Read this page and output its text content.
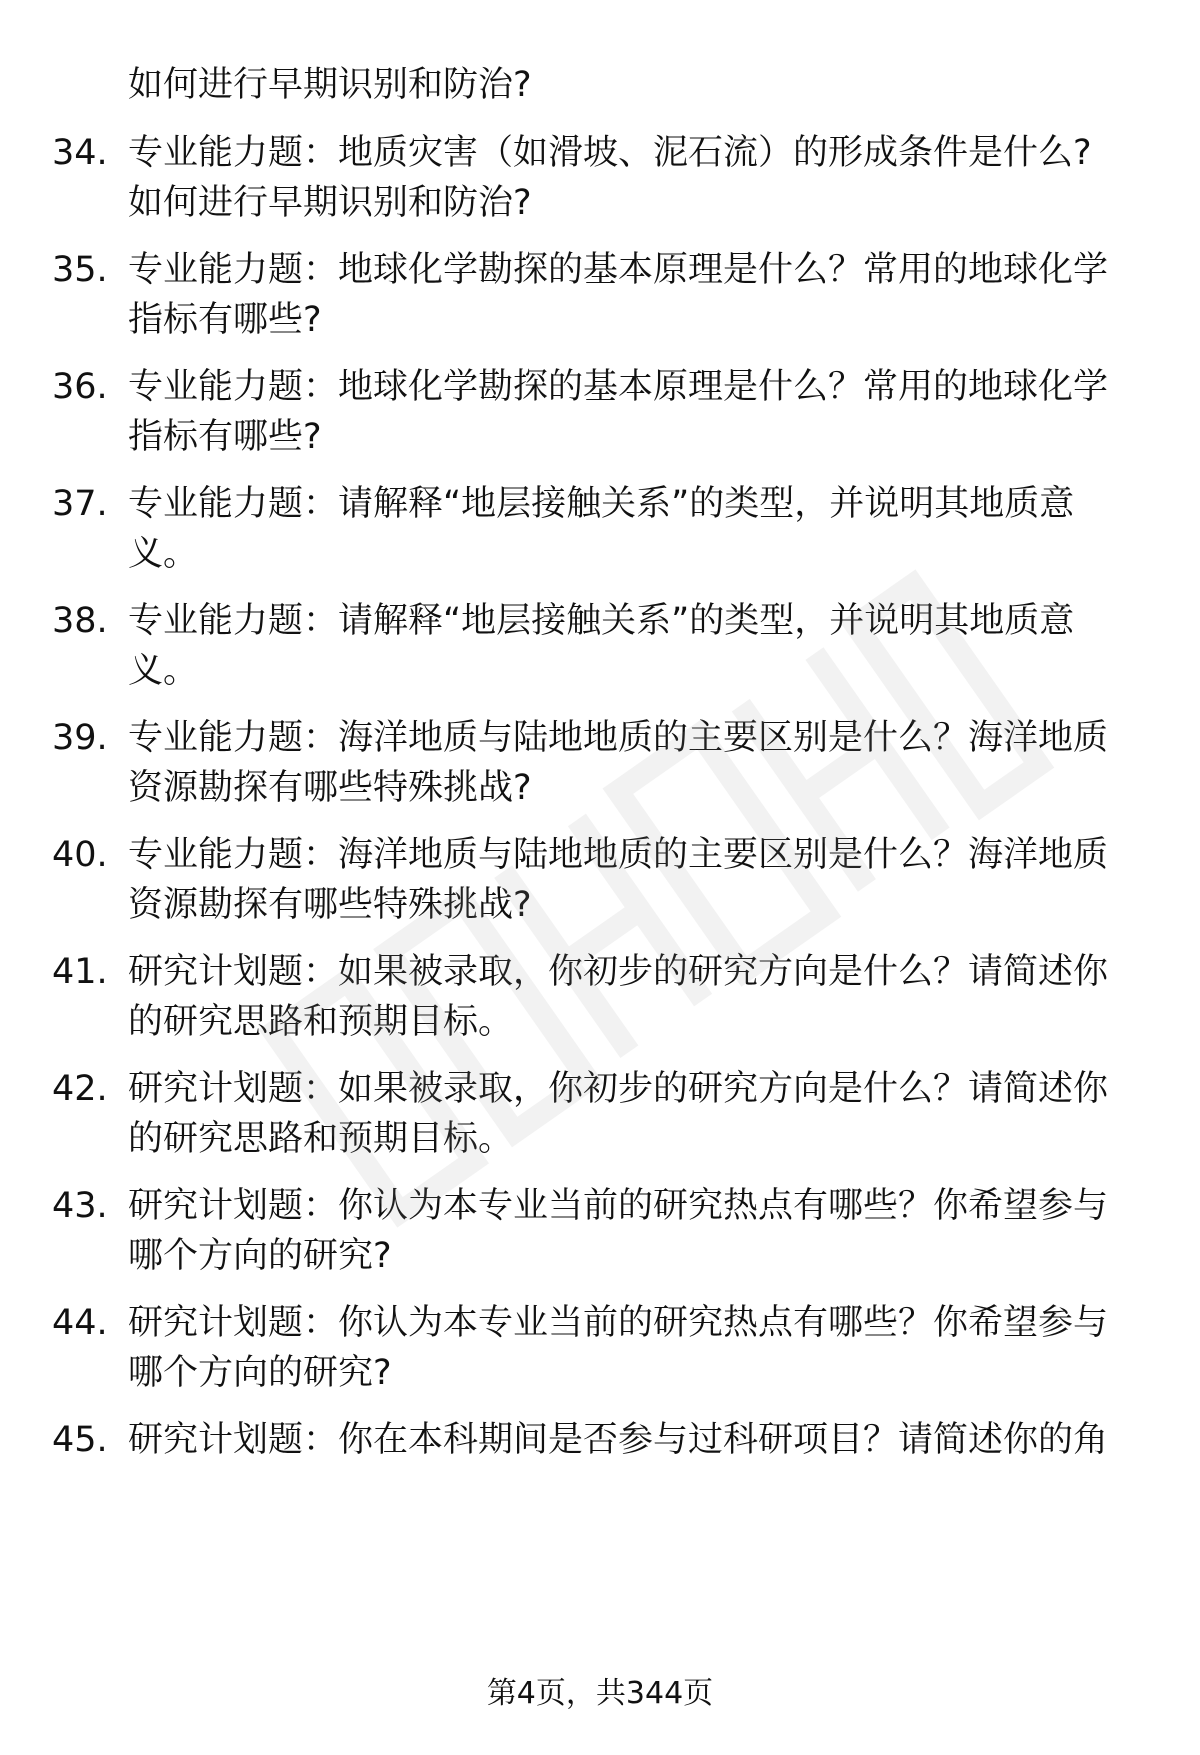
如何进行早期识别和防治?
34. 专业能力题：地质灾害（如滑坡、泥石流）的形成条件是什么?
如何进行早期识别和防治?
35. 专业能力题：地球化学勘探的基本原理是什么？常用的地球化学
指标有哪些?
36. 专业能力题：地球化学勘探的基本原理是什么？常用的地球化学
指标有哪些?
37. 专业能力题：请解释“地层接触关系”的类型，并说明其地质意
义。
38. 专业能力题：请解释“地层接触关系”的类型，并说明其地质意
义。
39. 专业能力题：海洋地质与陆地地质的主要区别是什么？海洋地质
资源勘探有哪些特殊挑战?
40. 专业能力题：海洋地质与陆地地质的主要区别是什么？海洋地质
资源勘探有哪些特殊挑战?
41. 研究计划题：如果被录取，你初步的研究方向是什么？请简述你
的研究思路和预期目标。
42. 研究计划题：如果被录取，你初步的研究方向是什么？请简述你
的研究思路和预期目标。
43. 研究计划题：你认为本专业当前的研究热点有哪些？你希望参与
哪个方向的研究?
44. 研究计划题：你认为本专业当前的研究热点有哪些？你希望参与
哪个方向的研究?
45. 研究计划题：你在本科期间是否参与过科研项目？请简述你的角
第4页，共344页
